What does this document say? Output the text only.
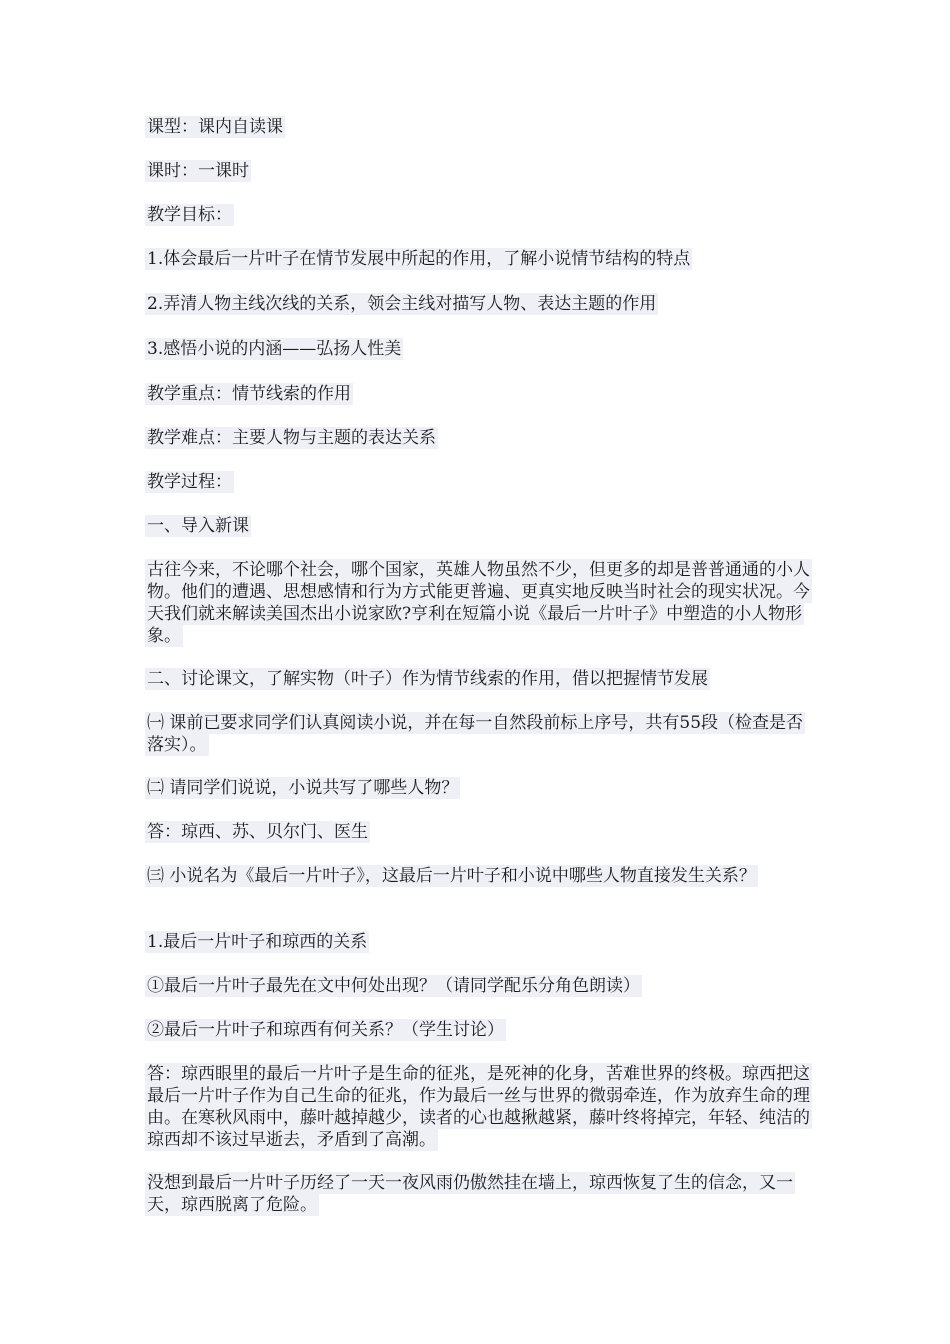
课型：课内自读课

课时：一课时

教学目标：

1.体会最后一片叶子在情节发展中所起的作用，了解小说情节结构的特点

2.弄清人物主线次线的关系，领会主线对描写人物、表达主题的作用

3.感悟小说的内涵——弘扬人性美

教学重点：情节线索的作用

教学难点：主要人物与主题的表达关系

教学过程：

一、导入新课

古往今来，不论哪个社会，哪个国家，英雄人物虽然不少，但更多的却是普普通通的小人物。他们的遭遇、思想感情和行为方式能更普遍、更真实地反映当时社会的现实状况。今天我们就来解读美国杰出小说家欧?亨利在短篇小说《最后一片叶子》中塑造的小人物形象。

二、讨论课文，了解实物（叶子）作为情节线索的作用，借以把握情节发展

㈠ 课前已要求同学们认真阅读小说，并在每一自然段前标上序号，共有55段（检查是否落实）。

㈡ 请同学们说说，小说共写了哪些人物？

答：琼西、苏、贝尔门、医生

㈢ 小说名为《最后一片叶子》，这最后一片叶子和小说中哪些人物直接发生关系？

1.最后一片叶子和琼西的关系

①最后一片叶子最先在文中何处出现？（请同学配乐分角色朗读）

②最后一片叶子和琼西有何关系？（学生讨论）

答：琼西眼里的最后一片叶子是生命的征兆，是死神的化身，苦难世界的终极。琼西把这最后一片叶子作为自己生命的征兆，作为最后一丝与世界的微弱牵连，作为放弃生命的理由。在寒秋风雨中，藤叶越掉越少，读者的心也越揪越紧，藤叶终将掉完，年轻、纯洁的琼西却不该过早逝去，矛盾到了高潮。

没想到最后一片叶子历经了一天一夜风雨仍傲然挂在墙上，琼西恢复了生的信念，又一天，琼西脱离了危险。
